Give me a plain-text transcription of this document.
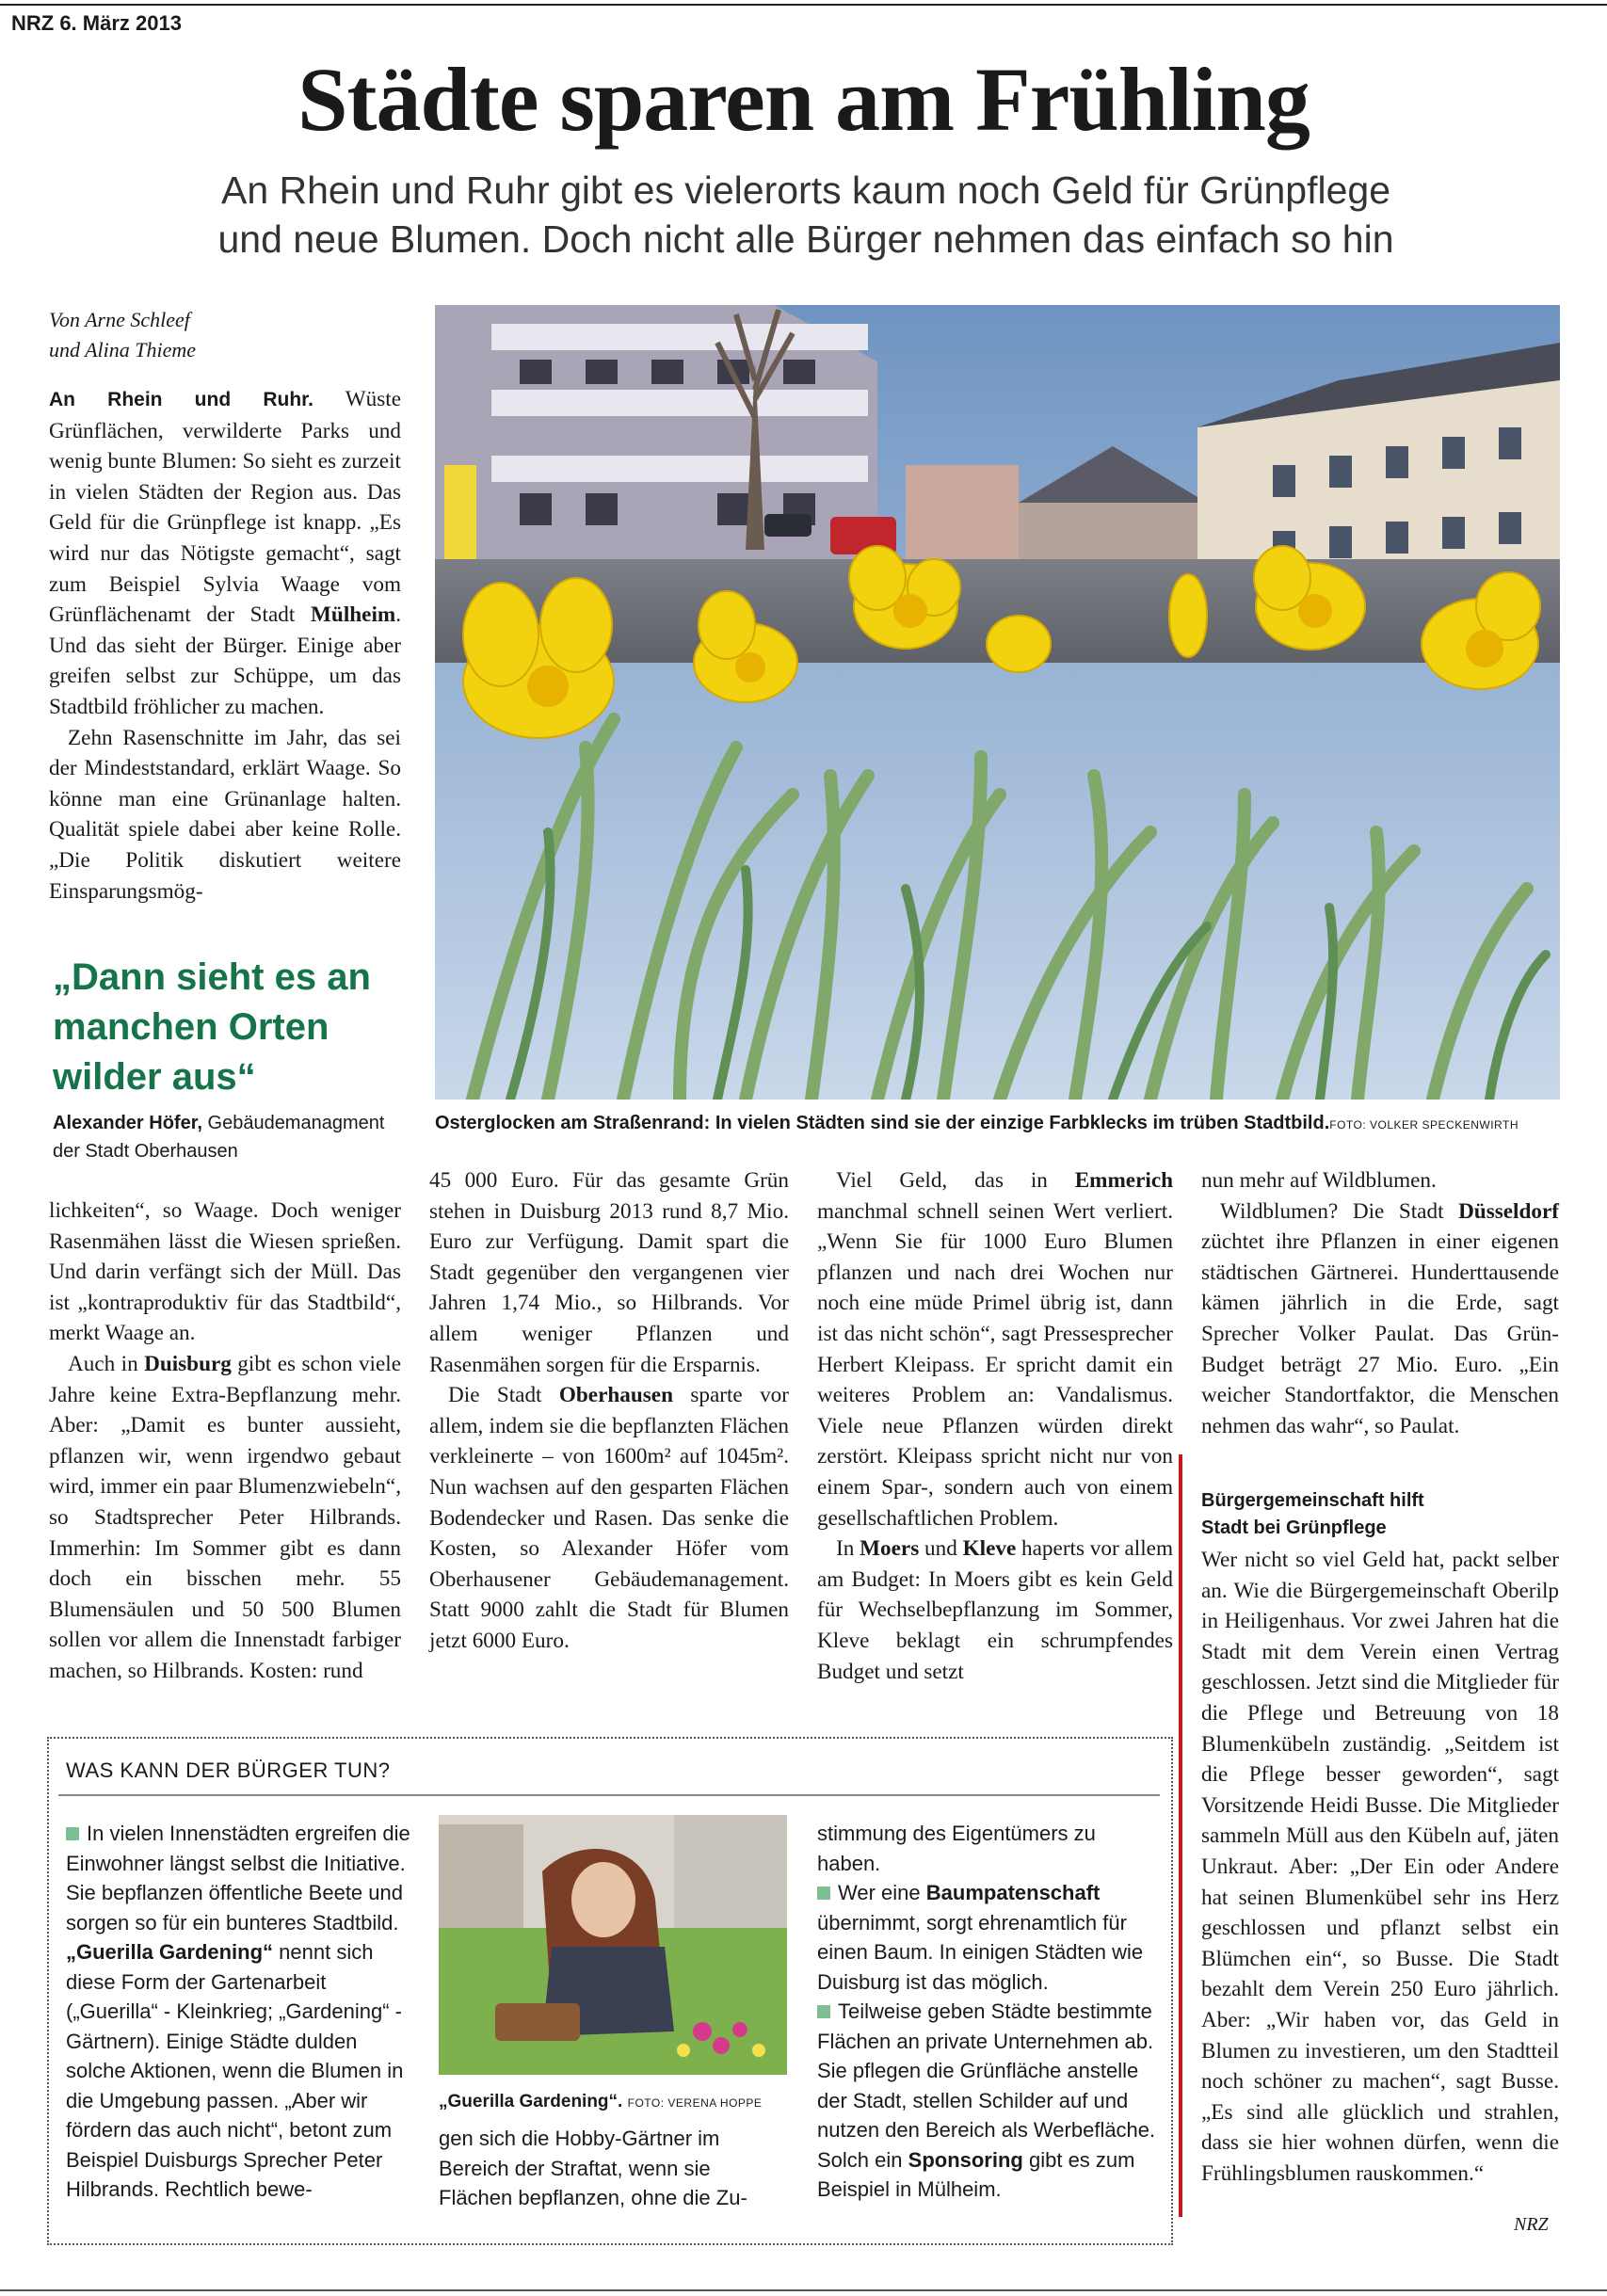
NRZ 6. März 2013
Städte sparen am Frühling
An Rhein und Ruhr gibt es vielerorts kaum noch Geld für Grünpflege
und neue Blumen. Doch nicht alle Bürger nehmen das einfach so hin
Von Arne Schleef
und Alina Thieme

An Rhein und Ruhr. Wüste Grünflächen, verwilderte Parks und wenig bunte Blumen: So sieht es zurzeit in vielen Städten der Region aus. Das Geld für die Grünpflege ist knapp. „Es wird nur das Nötigste gemacht“, sagt zum Beispiel Sylvia Waage vom Grünflächenamt der Stadt Mülheim. Und das sieht der Bürger. Einige aber greifen selbst zur Schüppe, um das Stadtbild fröhlicher zu machen.

Zehn Rasenschnitte im Jahr, das sei der Mindeststandard, erklärt Waage. So könne man eine Grünanlage halten. Qualität spiele dabei aber keine Rolle. „Die Politik diskutiert weitere Einsparungsmög-

„Dann sieht es an manchen Orten wilder aus“
Alexander Höfer, Gebäudemanagment der Stadt Oberhausen

lichkeiten“, so Waage. Doch weniger Rasenmähen lässt die Wiesen sprießen. Und darin verfängt sich der Müll. Das ist „kontraproduktiv für das Stadtbild“, merkt Waage an.

Auch in Duisburg gibt es schon viele Jahre keine Extra-Bepflanzung mehr. Aber: „Damit es bunter aussieht, pflanzen wir, wenn irgendwo gebaut wird, immer ein paar Blumenzwiebeln“, so Stadtsprecher Peter Hilbrands. Immerhin: Im Sommer gibt es dann doch ein bisschen mehr. 55 Blumensäulen und 50 500 Blumen sollen vor allem die Innenstadt farbiger machen, so Hilbrands. Kosten: rund

Osterglocken am Straßenrand: In vielen Städten sind sie der einzige Farbklecks im trüben Stadtbild.FOTO: VOLKER SPECKENWIRTH

45 000 Euro. Für das gesamte Grün stehen in Duisburg 2013 rund 8,7 Mio. Euro zur Verfügung. Damit spart die Stadt gegenüber den vergangenen vier Jahren 1,74 Mio., so Hilbrands. Vor allem weniger Pflanzen und Rasenmähen sorgen für die Ersparnis.

Die Stadt Oberhausen sparte vor allem, indem sie die bepflanzten Flächen verkleinerte – von 1600m² auf 1045m². Nun wachsen auf den gesparten Flächen Bodendecker und Rasen. Das senke die Kosten, so Alexander Höfer vom Oberhausener Gebäudemanagement. Statt 9000 zahlt die Stadt für Blumen jetzt 6000 Euro.

Viel Geld, das in Emmerich manchmal schnell seinen Wert verliert. „Wenn Sie für 1000 Euro Blumen pflanzen und nach drei Wochen nur noch eine müde Primel übrig ist, dann ist das nicht schön“, sagt Pressesprecher Herbert Kleipass. Er spricht damit ein weiteres Problem an: Vandalismus. Viele neue Pflanzen würden direkt zerstört. Kleipass spricht nicht nur von einem Spar-, sondern auch von einem gesellschaftlichen Problem.

In Moers und Kleve haperts vor allem am Budget: In Moers gibt es kein Geld für Wechselbepflanzung im Sommer, Kleve beklagt ein schrumpfendes Budget und setzt

nun mehr auf Wildblumen.

Wildblumen? Die Stadt Düsseldorf züchtet ihre Pflanzen in einer eigenen städtischen Gärtnerei. Hunderttausende kämen jährlich in die Erde, sagt Sprecher Volker Paulat. Das Grün-Budget beträgt 27 Mio. Euro. „Ein weicher Standortfaktor, die Menschen nehmen das wahr“, so Paulat.

Bürgergemeinschaft hilft
Stadt bei Grünpflege

Wer nicht so viel Geld hat, packt selber an. Wie die Bürgergemeinschaft Oberilp in Heiligenhaus. Vor zwei Jahren hat die Stadt mit dem Verein einen Vertrag geschlossen. Jetzt sind die Mitglieder für die Pflege und Betreuung von 18 Blumenkübeln zuständig. „Seitdem ist die Pflege besser geworden“, sagt Vorsitzende Heidi Busse. Die Mitglieder sammeln Müll aus den Kübeln auf, jäten Unkraut. Aber: „Der Ein oder Andere hat seinen Blumenkübel sehr ins Herz geschlossen und pflanzt selbst ein Blümchen ein“, so Busse. Die Stadt bezahlt dem Verein 250 Euro jährlich. Aber: „Wir haben vor, das Geld in Blumen zu investieren, um den Stadtteil noch schöner zu machen“, sagt Busse. „Es sind alle glücklich und strahlen, dass sie hier wohnen dürfen, wenn die Frühlingsblumen rauskommen.“

NRZ
WAS KANN DER BÜRGER TUN?

In vielen Innenstädten ergreifen die Einwohner längst selbst die Initiative. Sie bepflanzen öffentliche Beete und sorgen so für ein bunteres Stadtbild. „Guerilla Gardening“ nennt sich diese Form der Gartenarbeit („Guerilla“ - Kleinkrieg; „Gardening“ - Gärtnern). Einige Städte dulden solche Aktionen, wenn die Blumen in die Umgebung passen. „Aber wir fördern das auch nicht“, betont zum Beispiel Duisburgs Sprecher Peter Hilbrands. Rechtlich bewe-

„Guerilla Gardening“. FOTO: VERENA HOPPE

gen sich die Hobby-Gärtner im Bereich der Straftat, wenn sie Flächen bepflanzen, ohne die Zu-

stimmung des Eigentümers zu haben.

Wer eine Baumpatenschaft übernimmt, sorgt ehrenamtlich für einen Baum. In einigen Städten wie Duisburg ist das möglich.

Teilweise geben Städte bestimmte Flächen an private Unternehmen ab. Sie pflegen die Grünfläche anstelle der Stadt, stellen Schilder auf und nutzen den Bereich als Werbefläche. Solch ein Sponsoring gibt es zum Beispiel in Mülheim.
